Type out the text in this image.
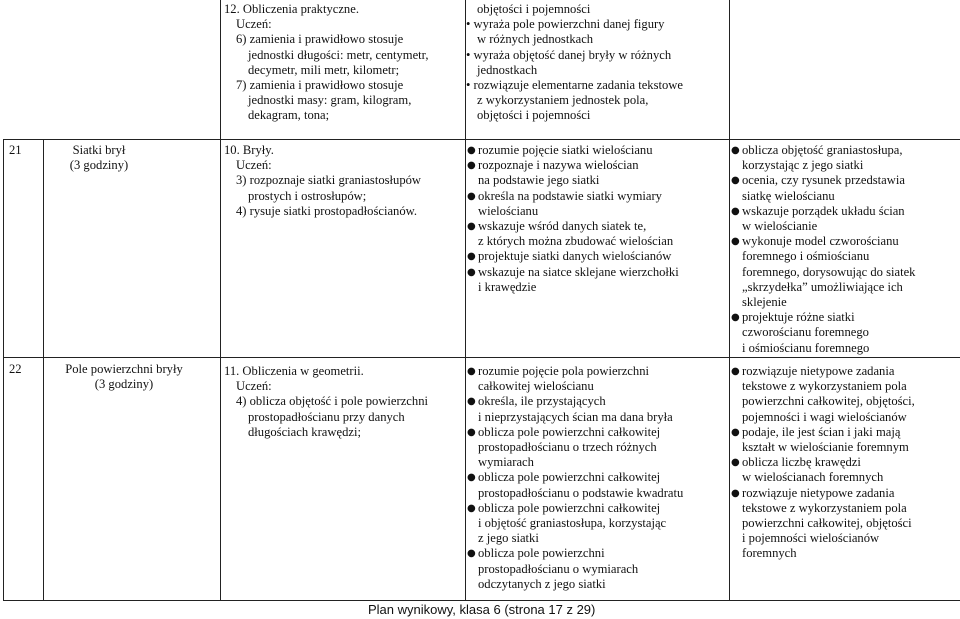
12. Obliczenia praktyczne.

Uczeń:

6) zamienia i prawidłowo stosuje

jednostki długości: metr, centymetr,

decymetr, mili metr, kilometr;

7) zamienia i prawidłowo stosuje

jednostki masy: gram, kilogram,

dekagram, tona;

objętości i pojemności

• wyraża pole powierzchni danej figury

w różnych jednostkach

• wyraża objętość danej bryły w różnych

jednostkach

• rozwiązuje elementarne zadania tekstowe

z wykorzystaniem jednostek pola,

objętości i pojemności

21	Siatki brył

(3 godziny)

10. Bryły.

Uczeń:

3) rozpoznaje siatki graniastosłupów

prostych i ostrosłupów;

4) rysuje siatki prostopadłościanów.

● rozumie pojęcie siatki wielościanu
● rozpoznaje i nazywa wielościan
na podstawie jego siatki
● określa na podstawie siatki wymiary
wielościanu
● wskazuje wśród danych siatek te,
z których można zbudować wielościan
● projektuje siatki danych wielościanów
● wskazuje na siatce sklejane wierzchołki
i krawędzie
● oblicza objętość graniastosłupa,
korzystając z jego siatki
● ocenia, czy rysunek przedstawia
siatkę wielościanu
● wskazuje porządek układu ścian
w wielościanie
● wykonuje model czworościanu
foremnego i ośmiościanu
foremnego, dorysowując do siatek
„skrzydełka” umożliwiające ich
sklejenie
● projektuje różne siatki
czworościanu foremnego
i ośmiościanu foremnego

22	Pole powierzchni bryły

(3 godziny)

11. Obliczenia w geometrii.

Uczeń:

4) oblicza objętość i pole powierzchni

prostopadłościanu przy danych

długościach krawędzi;

● rozumie pojęcie pola powierzchni
całkowitej wielościanu
● określa, ile przystających
i nieprzystających ścian ma dana bryła
● oblicza pole powierzchni całkowitej
prostopadłościanu o trzech różnych
wymiarach
● oblicza pole powierzchni całkowitej
prostopadłościanu o podstawie kwadratu
● oblicza pole powierzchni całkowitej
i objętość graniastosłupa, korzystając
z jego siatki
● oblicza pole powierzchni
prostopadłościanu o wymiarach
odczytanych z jego siatki
● rozwiązuje nietypowe zadania
tekstowe z wykorzystaniem pola
powierzchni całkowitej, objętości,
pojemności i wagi wielościanów
● podaje, ile jest ścian i jaki mają
kształt w wielościanie foremnym
● oblicza liczbę krawędzi
w wielościanach foremnych
● rozwiązuje nietypowe zadania
tekstowe z wykorzystaniem pola
powierzchni całkowitej, objętości
i pojemności wielościanów
foremnych
Plan wynikowy, klasa 6 (strona 17 z 29)
